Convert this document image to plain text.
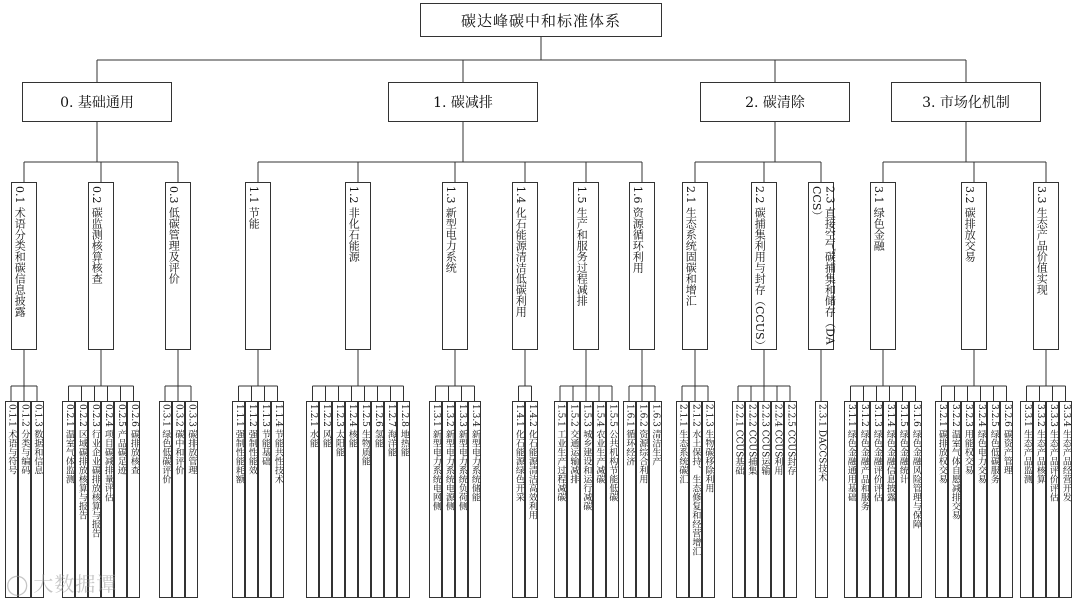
碳达峰碳中和标准体系
0. 基础通用
0.1 术语分类和碳信息披露
0.1.1 术语与符号 0.1.2 分类与编码 0.1.3 数据和信息
0.2 碳监测核算核查
0.2.1 温室气体监测 0.2.2 区域碳排放核算与报告 0.2.3 行业企业碳排放核算与报告 0.2.4 项目碳减排量评估 0.2.5 产品碳足迹 0.2.6 碳排放核查
0.3 低碳管理及评价
0.3.1 绿色低碳评价 0.3.2 碳中和评价 0.3.3 碳排放管理
1. 碳减排
1.1 节能
1.1.1 强制性能耗额 1.1.2 强制性能效 1.1.3 节能基础 1.1.4 节能共性技术
1.2 非化石能源
1.2.1 水能 1.2.2 风能 1.2.3 太阳能 1.2.4 核能 1.2.5 生物质能 1.2.6 氢能 1.2.7 海洋能 1.2.8 地热能
1.3 新型电力系统
1.3.1 新型电力系统电网侧 1.3.2 新型电力系统电源侧 1.3.3 新型电力系统负荷侧 1.3.4 新型电力系统储能
1.4 化石能源清洁低碳利用
1.4.1 化石能源绿色开采 1.4.2 化石能源清洁高效利用
1.5 生产和服务过程减排
1.5.1 工业生产过程减碳 1.5.2 交通运输减排 1.5.3 城乡建设和运行减碳 1.5.4 农业生产减碳 1.5.5 公共机构节能低碳
1.6 资源循环利用
1.6.1 循环经济 1.6.2 资源综合利用 1.6.3 清洁生产
2. 碳清除
2.1 生态系统固碳和增汇
2.1.1 生态系统碳汇 2.1.2 水土保持、生态修复和经营增汇 2.1.3 生物碳移除利用
2.2 碳捕集利用与封存（CCUS）
2.2.1 CCUS基础 2.2.2 CCUS捕集 2.2.3 CCUS运输 2.2.4 CCUS利用 2.2.5 CCUS封存
2.3 直接空气碳捕集和储存（DACCS）
2.3.1 DACCS技术
3. 市场化机制
3.1 绿色金融
3.1.1 绿色金融通用基础 3.1.2 绿色金融产品和服务 3.1.3 绿色金融评价评估 3.1.4 绿色金融信息披露 3.1.5 绿色金融统计 3.1.6 绿色金融风险管理与保障
3.2 碳排放交易
3.2.1 碳排放权交易 3.2.2 温室气体自愿减排交易 3.2.3 用能权交易 3.2.4 绿色电力交易 3.2.5 绿色低碳服务 3.2.6 碳资产管理
3.3 生态产品价值实现
3.3.1 生态产品监测 3.3.2 生态产品核算 3.3.3 生态产品评价评估 3.3.4 生态产品经营开发
◯ 大数据谭
